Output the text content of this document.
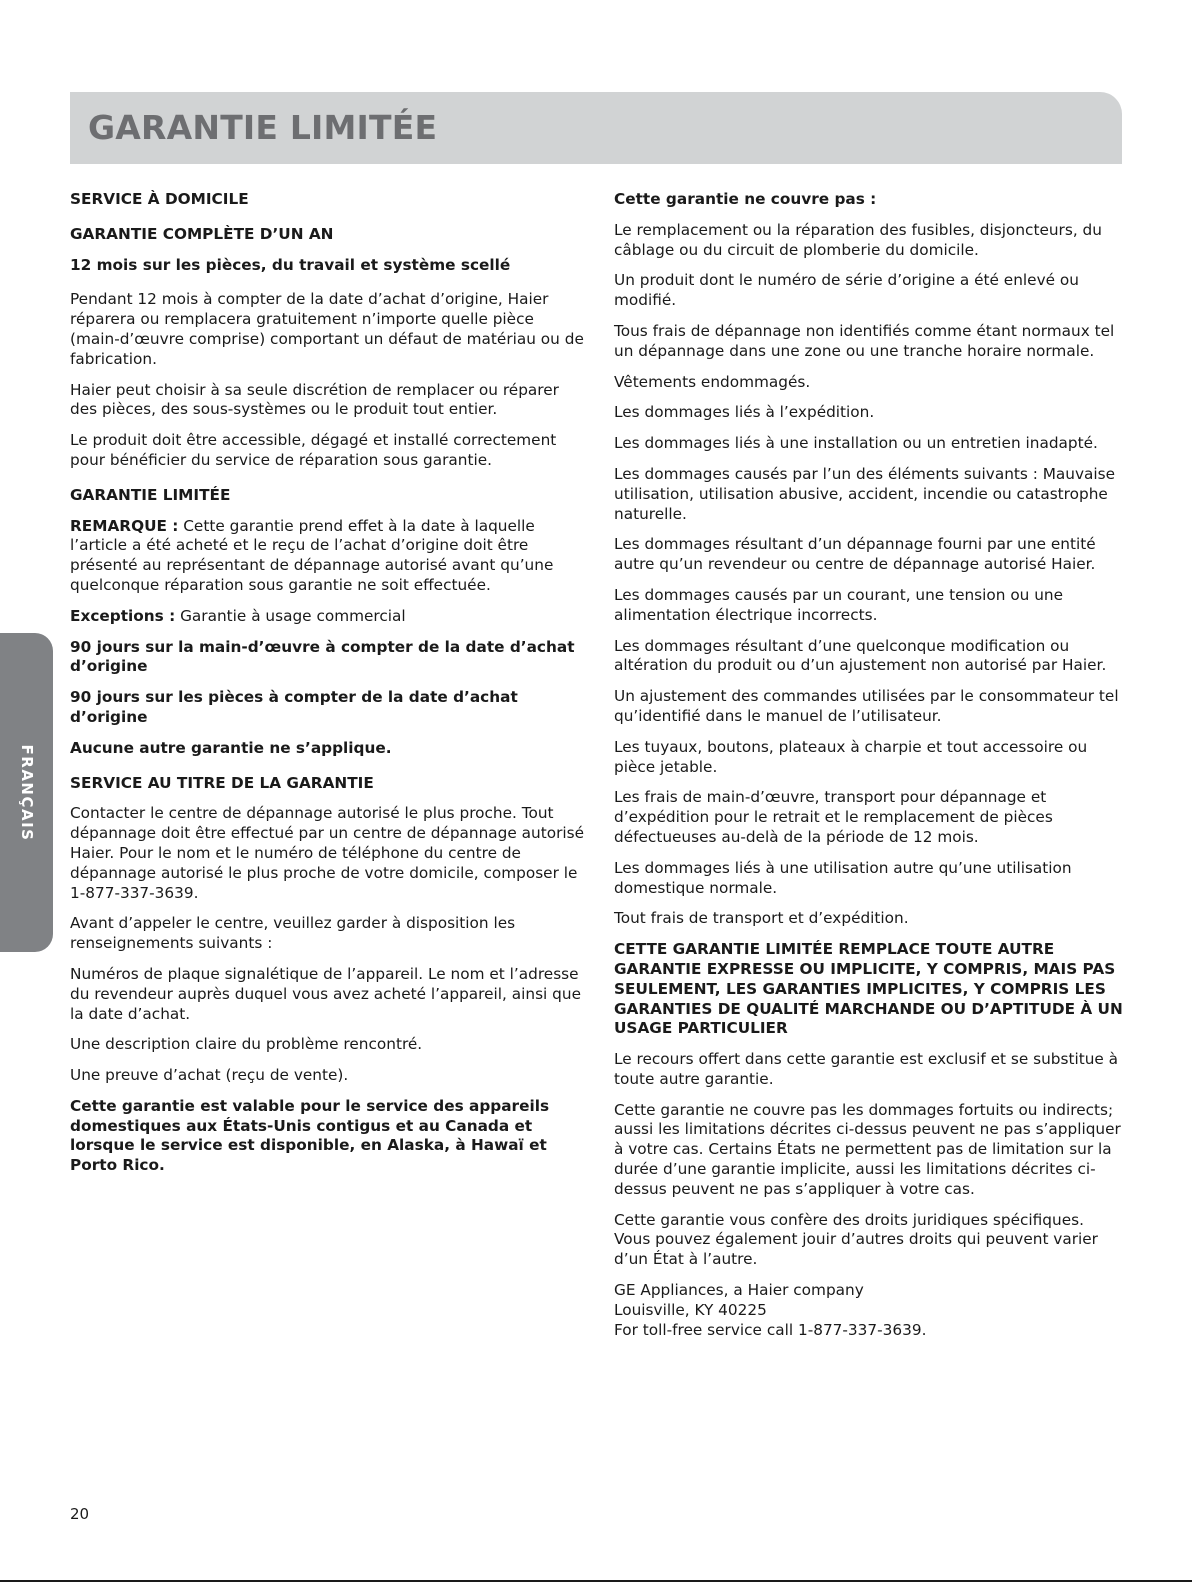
GARANTIE LIMITÉE
FRANÇAIS
SERVICE À DOMICILE
GARANTIE COMPLÈTE D’UN AN
12 mois sur les pièces, du travail et système scellé

Pendant 12 mois à compter de la date d’achat d’origine, Haier réparera ou remplacera gratuitement n’importe quelle pièce (main-d’œuvre comprise) comportant un défaut de matériau ou de fabrication.

Haier peut choisir à sa seule discrétion de remplacer ou réparer des pièces, des sous-systèmes ou le produit tout entier.

Le produit doit être accessible, dégagé et installé correctement pour bénéficier du service de réparation sous garantie.

GARANTIE LIMITÉE

REMARQUE : Cette garantie prend effet à la date à laquelle l’article a été acheté et le reçu de l’achat d’origine doit être présenté au représentant de dépannage autorisé avant qu’une quelconque réparation sous garantie ne soit effectuée.

Exceptions : Garantie à usage commercial

90 jours sur la main-d’œuvre à compter de la date d’achat d’origine

90 jours sur les pièces à compter de la date d’achat d’origine

Aucune autre garantie ne s’applique.

SERVICE AU TITRE DE LA GARANTIE

Contacter le centre de dépannage autorisé le plus proche. Tout dépannage doit être effectué par un centre de dépannage autorisé Haier. Pour le nom et le numéro de téléphone du centre de dépannage autorisé le plus proche de votre domicile, composer le 1-877-337-3639.

Avant d’appeler le centre, veuillez garder à disposition les renseignements suivants :

Numéros de plaque signalétique de l’appareil. Le nom et l’adresse du revendeur auprès duquel vous avez acheté l’appareil, ainsi que la date d’achat.

Une description claire du problème rencontré.

Une preuve d’achat (reçu de vente).

Cette garantie est valable pour le service des appareils domestiques aux États-Unis contigus et au Canada et lorsque le service est disponible, en Alaska, à Hawaï et Porto Rico.

Cette garantie ne couvre pas :

Le remplacement ou la réparation des fusibles, disjoncteurs, du câblage ou du circuit de plomberie du domicile.

Un produit dont le numéro de série d’origine a été enlevé ou modifié.

Tous frais de dépannage non identifiés comme étant normaux tel un dépannage dans une zone ou une tranche horaire normale.

Vêtements endommagés.

Les dommages liés à l’expédition.

Les dommages liés à une installation ou un entretien inadapté.

Les dommages causés par l’un des éléments suivants : Mauvaise utilisation, utilisation abusive, accident, incendie ou catastrophe naturelle.

Les dommages résultant d’un dépannage fourni par une entité autre qu’un revendeur ou centre de dépannage autorisé Haier.

Les dommages causés par un courant, une tension ou une alimentation électrique incorrects.

Les dommages résultant d’une quelconque modification ou altération du produit ou d’un ajustement non autorisé par Haier.

Un ajustement des commandes utilisées par le consommateur tel qu’identifié dans le manuel de l’utilisateur.

Les tuyaux, boutons, plateaux à charpie et tout accessoire ou pièce jetable.

Les frais de main-d’œuvre, transport pour dépannage et d’expédition pour le retrait et le remplacement de pièces défectueuses au-delà de la période de 12 mois.

Les dommages liés à une utilisation autre qu’une utilisation domestique normale.

Tout frais de transport et d’expédition.

CETTE GARANTIE LIMITÉE REMPLACE TOUTE AUTRE GARANTIE EXPRESSE OU IMPLICITE, Y COMPRIS, MAIS PAS SEULEMENT, LES GARANTIES IMPLICITES, Y COMPRIS LES GARANTIES DE QUALITÉ MARCHANDE OU D’APTITUDE À UN USAGE PARTICULIER

Le recours offert dans cette garantie est exclusif et se substitue à toute autre garantie.

Cette garantie ne couvre pas les dommages fortuits ou indirects; aussi les limitations décrites ci-dessus peuvent ne pas s’appliquer à votre cas. Certains États ne permettent pas de limitation sur la durée d’une garantie implicite, aussi les limitations décrites ci-dessus peuvent ne pas s’appliquer à votre cas.

Cette garantie vous confère des droits juridiques spécifiques. Vous pouvez également jouir d’autres droits qui peuvent varier d’un État à l’autre.

GE Appliances, a Haier company
Louisville, KY 40225
For toll-free service call 1-877-337-3639.
20
